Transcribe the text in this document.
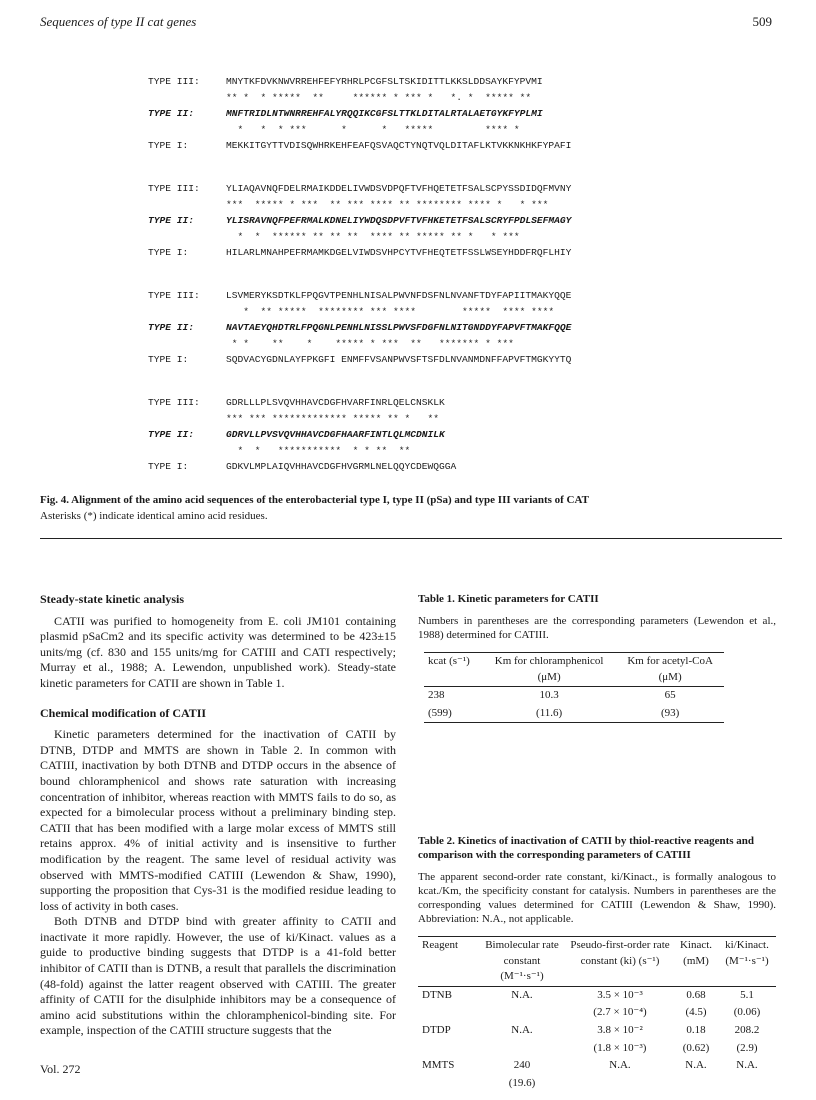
Sequences of type II cat genes	509
TYPE III:	MNYTKFDVKNWVRREHFEFYRHRLPCGFSLTSKIDITTLKKSLDDSAYKFYPVMI
** *  * *****  **     ****** * *** *   *. *  ***** **
TYPE II:	MNFTRIDLNTWNRREHFALYRQQIKCGFSLTTKLDITALRTALAETGYKFYPLMI
*   *  * ***      *      *   *****         **** *
TYPE I:	MEKKITGYTTVDISQWHRKEHFEAFQSVAQCTYNQTVQLDITAFLKTVKKNKHKFYPAFI
TYPE III:	YLIAQAVNQFDELRMAIKDDELIVWDSVDPQFTVFHQETETFSALSCPYSSDIDQFMVNY
***  ***** * ***  ** *** **** ** ******** **** *   * ***
TYPE II:	YLISRAVNQFPEFRMALKDNELIYWDQSDPVFTVFHKETETFSALSCRYFPDLSEFMAGY
*  *  ****** ** ** **  **** ** ***** ** *   * ***
TYPE I:	HILARLMNAHPEFRMAMKDGELVIWDSVHPCYTVFHEQTETFSSLWSEYHDDFRQFLHIY
TYPE III:	LSVMERYKSDTKLFPQGVTPENHLNISALPWVNFDSFNLNVANFTDYFAPIITMAKYQQE
*  ** *****  ******** *** ****        *****  **** ****
TYPE II:	NAVTAEYQHDTRLFPQGNLPENHLNISSLPWVSFDGFNLNITGNDDYFAPVFTMAKFQQE
* *    **    *    ***** * ***  **   ******* * ***
TYPE I:	SQDVACYGDNLAYFPKGFI ENMFFVSANPWVSFTSFDLNVANMDNFFAPVFTMGKYYTQ
TYPE III:	GDRLLLPLSVQVHHAVCDGFHVARFINRLQELCNSKLK
*** *** ************* ***** ** *   **
TYPE II:	GDRVLLPVSVQVHHAVCDGFHAARFINTLQLMCDNILK
*  *   ***********  * * **  **
TYPE I:	GDKVLMPLAIQVHHAVCDGFHVGRMLNELQQYCDEWQGGA
Fig. 4. Alignment of the amino acid sequences of the enterobacterial type I, type II (pSa) and type III variants of CAT
Asterisks (*) indicate identical amino acid residues.
Steady-state kinetic analysis

CATII was purified to homogeneity from E. coli JM101 containing plasmid pSaCm2 and its specific activity was determined to be 423±15 units/mg (cf. 830 and 155 units/mg for CATIII and CATI respectively; Murray et al., 1988; A. Lewendon, unpublished work). Steady-state kinetic parameters for CATII are shown in Table 1.

Chemical modification of CATII

Kinetic parameters determined for the inactivation of CATII by DTNB, DTDP and MMTS are shown in Table 2. In common with CATIII, inactivation by both DTNB and DTDP occurs in the absence of bound chloramphenicol and shows rate saturation with increasing concentration of inhibitor, whereas reaction with MMTS fails to do so, as expected for a bimolecular process without a preliminary binding step. CATII that has been modified with a large molar excess of MMTS still retains approx. 4% of initial activity and is insensitive to further modification by the reagent. The same level of residual activity was observed with MMTS-modified CATIII (Lewendon & Shaw, 1990), supporting the proposition that Cys-31 is the modified residue leading to loss of activity in both cases.

Both DTNB and DTDP bind with greater affinity to CATII and inactivate it more rapidly. However, the use of ki/Kinact. values as a guide to productive binding suggests that DTDP is a 41-fold better inhibitor of CATII than is DTNB, a result that parallels the discrimination (48-fold) against the latter reagent observed with CATIII. The greater affinity of CATII for the disulphide inhibitors may be a consequence of amino acid substitutions within the chloramphenicol-binding site. For example, inspection of the CATIII structure suggests that the

Table 1. Kinetic parameters for CATII
Numbers in parentheses are the corresponding parameters (Lewendon et al., 1988) determined for CATIII.
kcat (s⁻¹)	Km for chloramphenicol (μM)	Km for acetyl-CoA (μM)
238	10.3	65
(599)	(11.6)	(93)
Table 2. Kinetics of inactivation of CATII by thiol-reactive reagents and comparison with the corresponding parameters of CATIII
The apparent second-order rate constant, ki/Kinact., is formally analogous to kcat./Km, the specificity constant for catalysis. Numbers in parentheses are the corresponding values determined for CATIII (Lewendon & Shaw, 1990). Abbreviation: N.A., not applicable.
Reagent	Bimolecular rate constant (M⁻¹·s⁻¹)	Pseudo-first-order rate constant (ki) (s⁻¹)	Kinact. (mM)	ki/Kinact. (M⁻¹·s⁻¹)
DTNB	N.A.	3.5 × 10⁻³	0.68	5.1
		(2.7 × 10⁻⁴)	(4.5)	(0.06)
DTDP	N.A.	3.8 × 10⁻²	0.18	208.2
		(1.8 × 10⁻³)	(0.62)	(2.9)
MMTS	240	N.A.	N.A.	N.A.
	(19.6)			
Vol. 272
